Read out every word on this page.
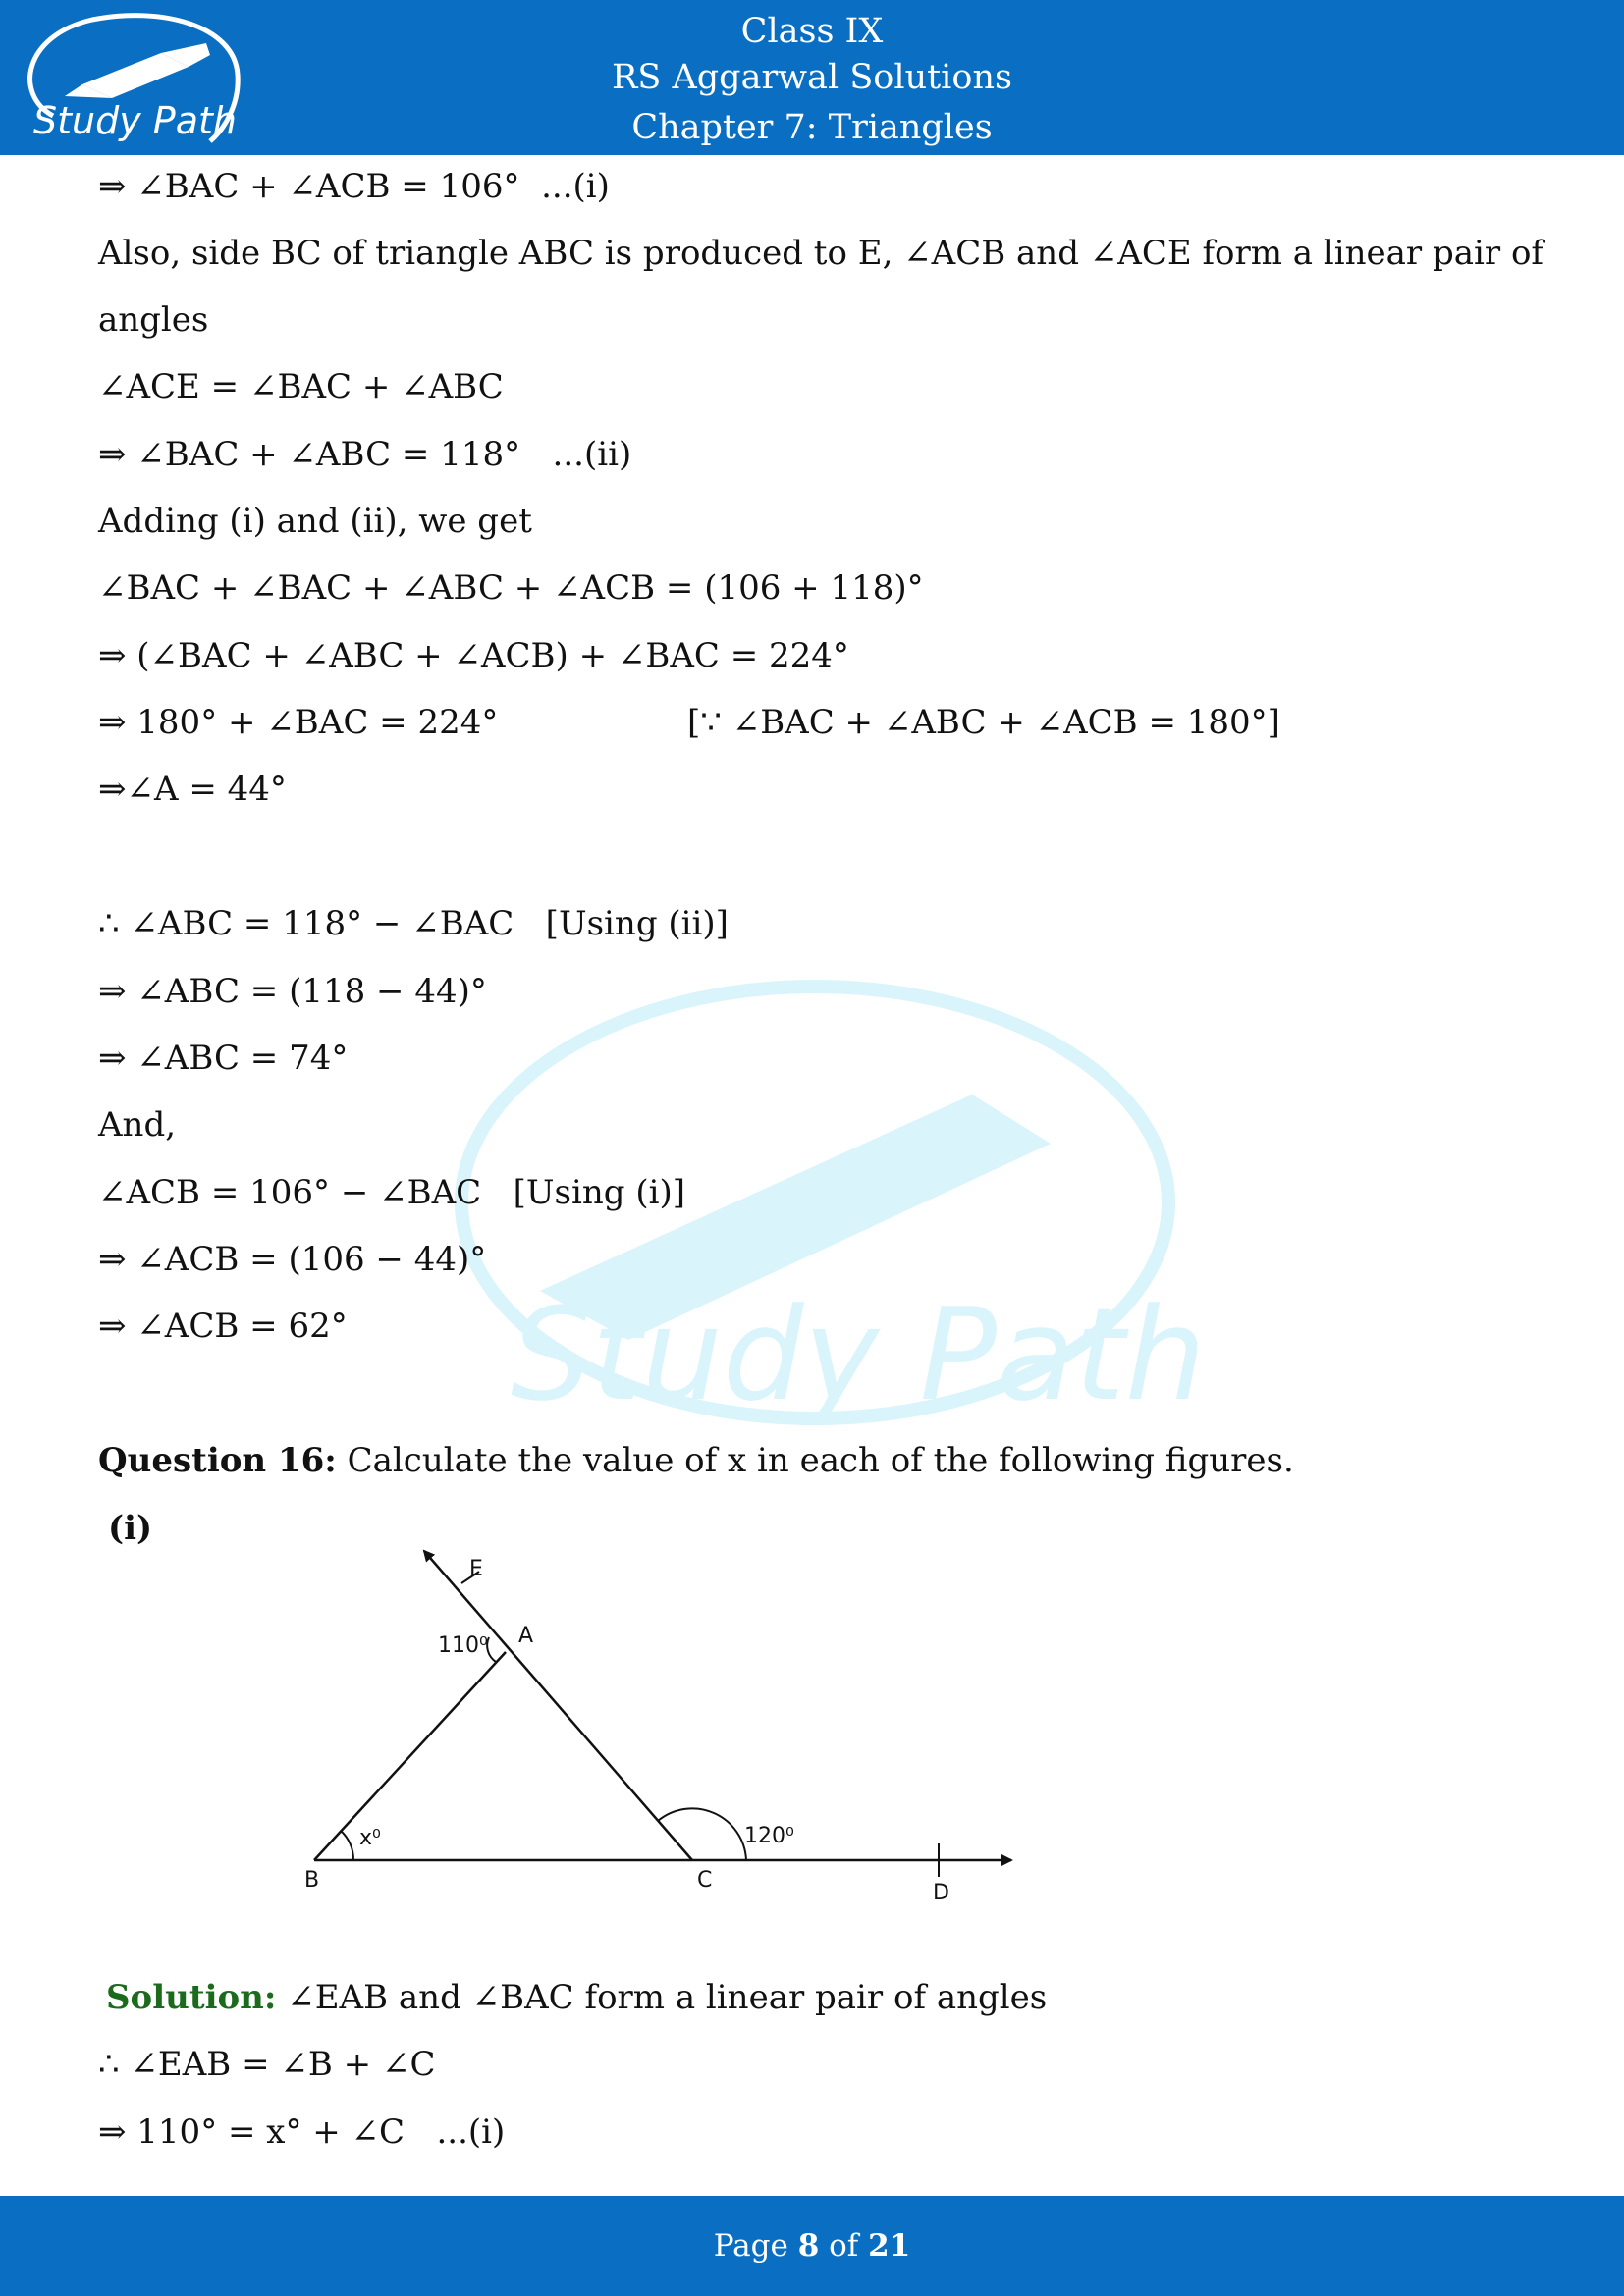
Study Path
Class IX
RS Aggarwal Solutions
Chapter 7: Triangles
Study Path
⇒ ∠BAC + ∠ACB = 106°  ...(i)
Also, side BC of triangle ABC is produced to E, ∠ACB and ∠ACE form a linear pair of
angles
∠ACE = ∠BAC + ∠ABC
⇒ ∠BAC + ∠ABC = 118°   ...(ii)
Adding (i) and (ii), we get
∠BAC + ∠BAC + ∠ABC + ∠ACB = (106 + 118)°
⇒ (∠BAC + ∠ABC + ∠ACB) + ∠BAC = 224°
⇒ 180° + ∠BAC = 224°	[∵ ∠BAC + ∠ABC + ∠ACB = 180°]
⇒∠A = 44°
∴ ∠ABC = 118° − ∠BAC   [Using (ii)]
⇒ ∠ABC = (118 − 44)°
⇒ ∠ABC = 74°
And,
∠ACB = 106° − ∠BAC   [Using (i)]
⇒ ∠ACB = (106 − 44)°
⇒ ∠ACB = 62°
Question 16: Calculate the value of x in each of the following figures.
(i)
Solution: ∠EAB and ∠BAC form a linear pair of angles
∴ ∠EAB = ∠B + ∠C
⇒ 110° = x° + ∠C   ...(i)
E
A
B	C
D
110⁰
x⁰	120⁰
Page 8 of 21
